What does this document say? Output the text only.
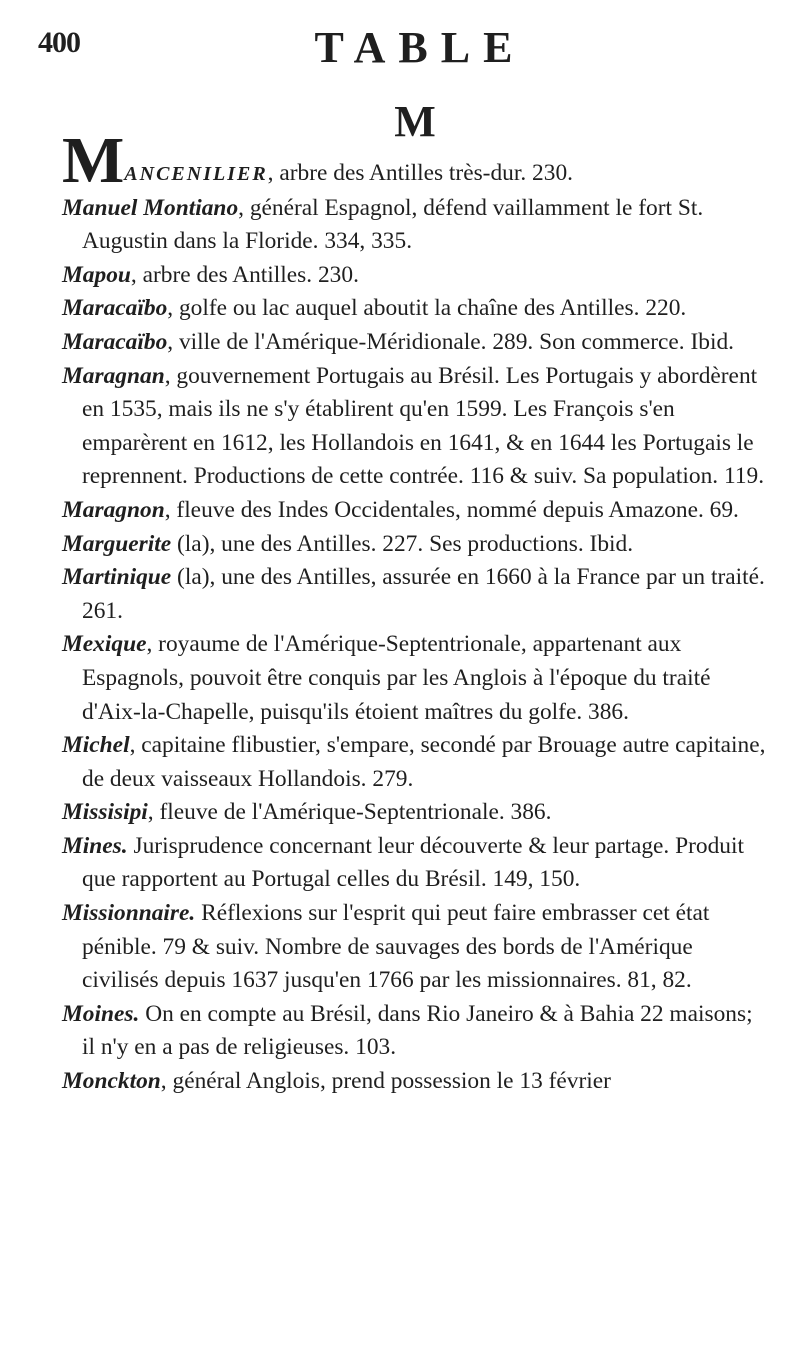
400	TABLE
M

MANCENILIER, arbre des Antilles très-dur. 230.

Manuel Montiano, général Espagnol, défend vaillamment le fort St. Augustin dans la Floride. 334, 335.

Mapou, arbre des Antilles. 230.

Maracaïbo, golfe ou lac auquel aboutit la chaîne des Antilles. 220.

Maracaïbo, ville de l'Amérique-Méridionale. 289. Son commerce. Ibid.

Maragnan, gouvernement Portugais au Brésil. Les Portugais y abordèrent en 1535, mais ils ne s'y établirent qu'en 1599. Les François s'en emparèrent en 1612, les Hollandois en 1641, & en 1644 les Portugais le reprennent. Productions de cette contrée. 116 & suiv. Sa population. 119.

Maragnon, fleuve des Indes Occidentales, nommé depuis Amazone. 69.

Marguerite (la), une des Antilles. 227. Ses productions. Ibid.

Martinique (la), une des Antilles, assurée en 1660 à la France par un traité. 261.

Mexique, royaume de l'Amérique-Septentrionale, appartenant aux Espagnols, pouvoit être conquis par les Anglois à l'époque du traité d'Aix-la-Chapelle, puisqu'ils étoient maîtres du golfe. 386.

Michel, capitaine flibustier, s'empare, secondé par Brouage autre capitaine, de deux vaisseaux Hollandois. 279.

Missisipi, fleuve de l'Amérique-Septentrionale. 386.

Mines. Jurisprudence concernant leur découverte & leur partage. Produit que rapportent au Portugal celles du Brésil. 149, 150.

Missionnaire. Réflexions sur l'esprit qui peut faire embrasser cet état pénible. 79 & suiv. Nombre de sauvages des bords de l'Amérique civilisés depuis 1637 jusqu'en 1766 par les missionnaires. 81, 82.

Moines. On en compte au Brésil, dans Rio Janeiro & à Bahia 22 maisons; il n'y en a pas de religieuses. 103.

Monckton, général Anglois, prend possession le 13 février
